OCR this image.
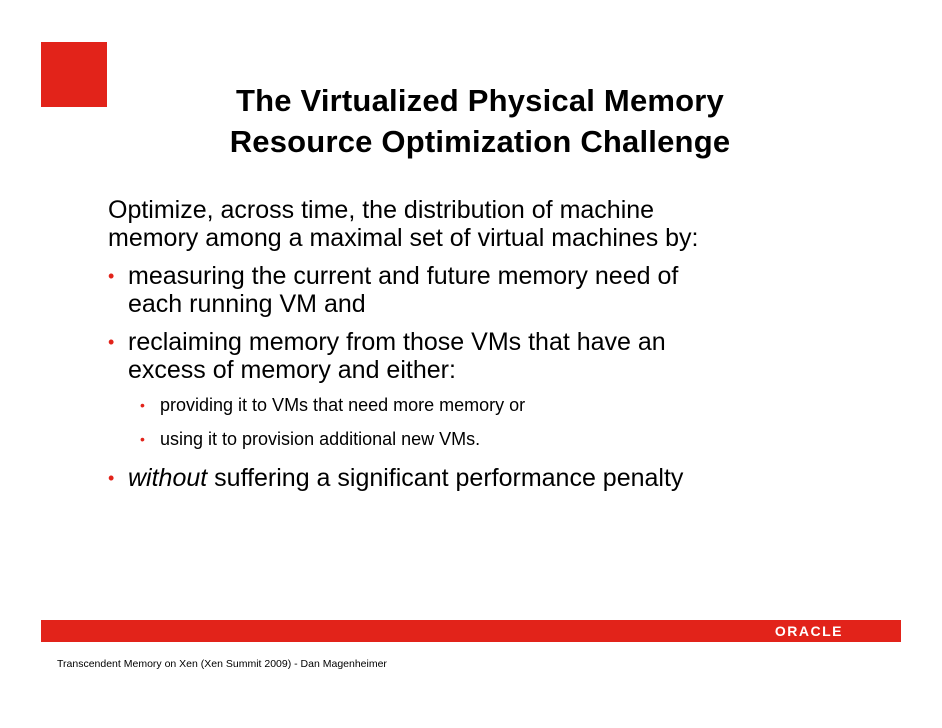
The Virtualized Physical Memory
Resource Optimization Challenge
Optimize, across time, the distribution of machine
memory among a maximal set of virtual machines by:
• measuring the current and future memory need of
each running VM and
• reclaiming memory from those VMs that have an
excess of memory and either:
• providing it to VMs that need more memory or
• using it to provision additional new VMs.
• without suffering a significant performance penalty
ORACLE
Transcendent Memory on Xen (Xen Summit 2009) - Dan Magenheimer
